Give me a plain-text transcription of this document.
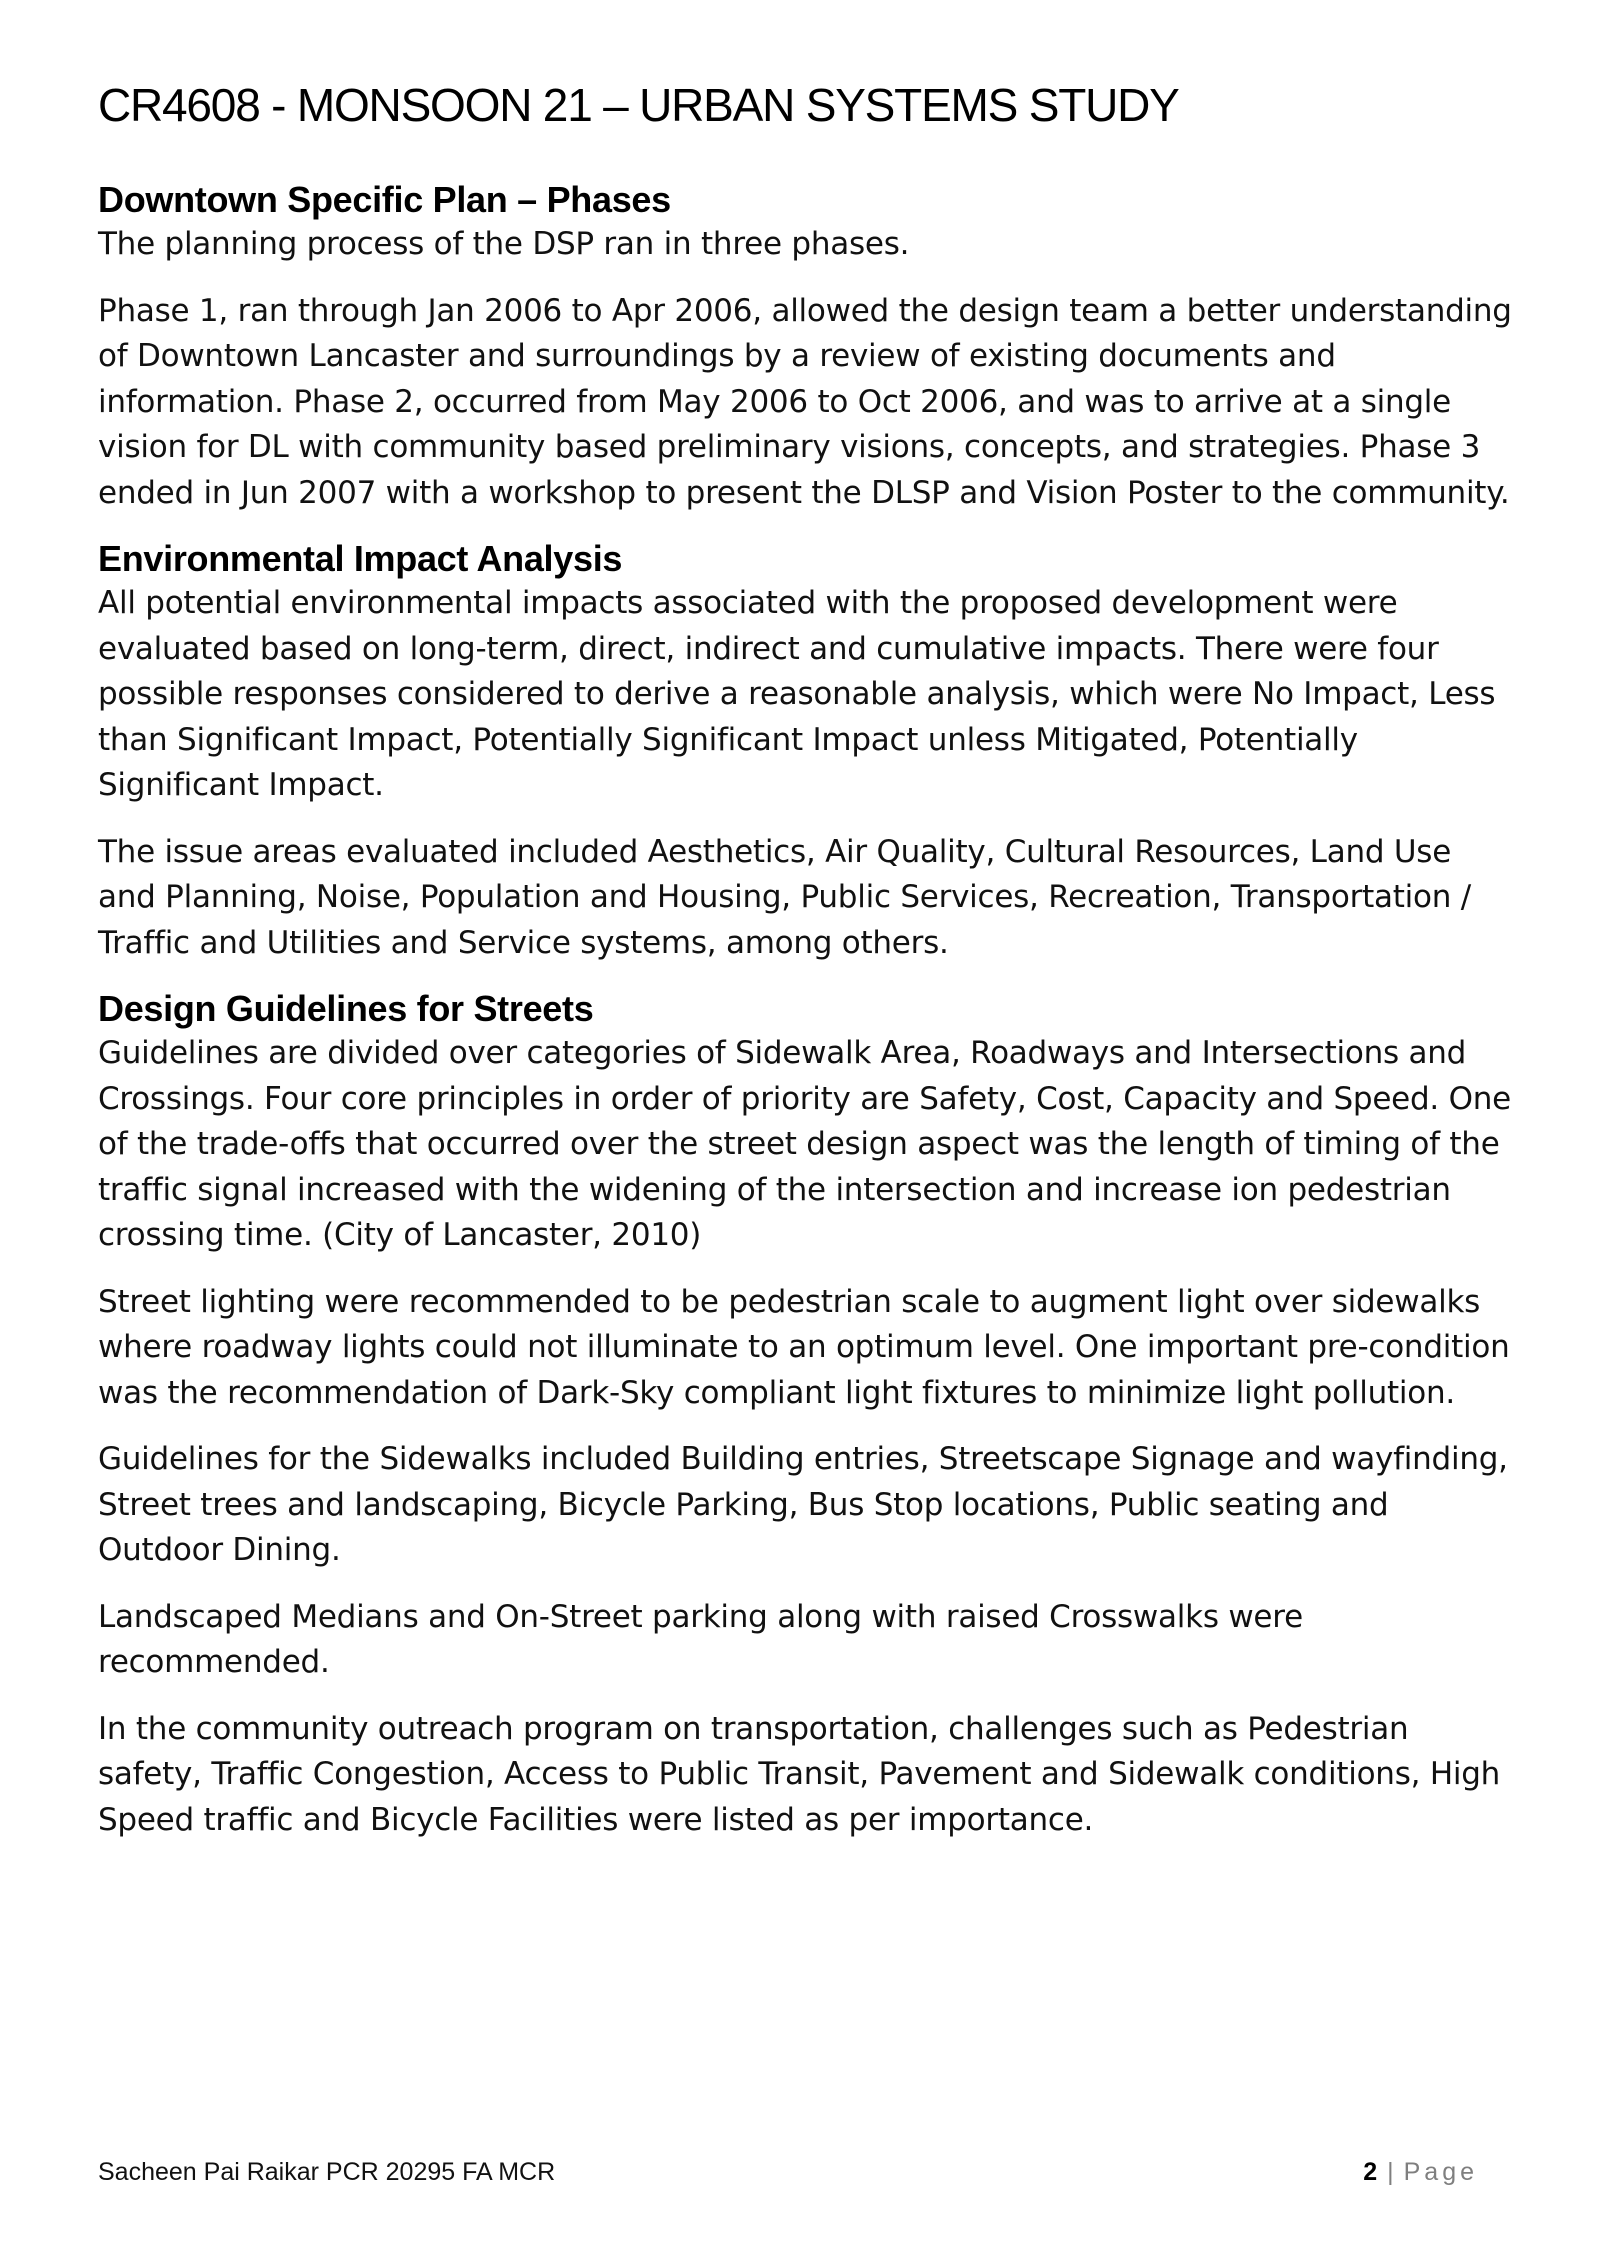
CR4608 - MONSOON 21 – URBAN SYSTEMS STUDY
Downtown Specific Plan – Phases

The planning process of the DSP ran in three phases.

Phase 1, ran through Jan 2006 to Apr 2006, allowed the design team a better understanding of Downtown Lancaster and surroundings by a review of existing documents and information. Phase 2, occurred from May 2006 to Oct 2006, and was to arrive at a single vision for DL with community based preliminary visions, concepts, and strategies. Phase 3 ended in Jun 2007 with a workshop to present the DLSP and Vision Poster to the community.

Environmental Impact Analysis

All potential environmental impacts associated with the proposed development were evaluated based on long-term, direct, indirect and cumulative impacts. There were four possible responses considered to derive a reasonable analysis, which were No Impact, Less than Significant Impact, Potentially Significant Impact unless Mitigated, Potentially Significant Impact.

The issue areas evaluated included Aesthetics, Air Quality, Cultural Resources, Land Use and Planning, Noise, Population and Housing, Public Services, Recreation, Transportation / Traffic and Utilities and Service systems, among others.

Design Guidelines for Streets

Guidelines are divided over categories of Sidewalk Area, Roadways and Intersections and Crossings. Four core principles in order of priority are Safety, Cost, Capacity and Speed. One of the trade-offs that occurred over the street design aspect was the length of timing of the traffic signal increased with the widening of the intersection and increase ion pedestrian crossing time. (City of Lancaster, 2010)

Street lighting were recommended to be pedestrian scale to augment light over sidewalks where roadway lights could not illuminate to an optimum level. One important pre-condition was the recommendation of Dark-Sky compliant light fixtures to minimize light pollution.

Guidelines for the Sidewalks included Building entries, Streetscape Signage and wayfinding, Street trees and landscaping, Bicycle Parking, Bus Stop locations, Public seating and Outdoor Dining.

Landscaped Medians and On-Street parking along with raised Crosswalks were recommended.

In the community outreach program on transportation, challenges such as Pedestrian safety, Traffic Congestion, Access to Public Transit, Pavement and Sidewalk conditions, High Speed traffic and Bicycle Facilities were listed as per importance.

Sacheen Pai Raikar PCR 20295 FA MCR	2 | Page
